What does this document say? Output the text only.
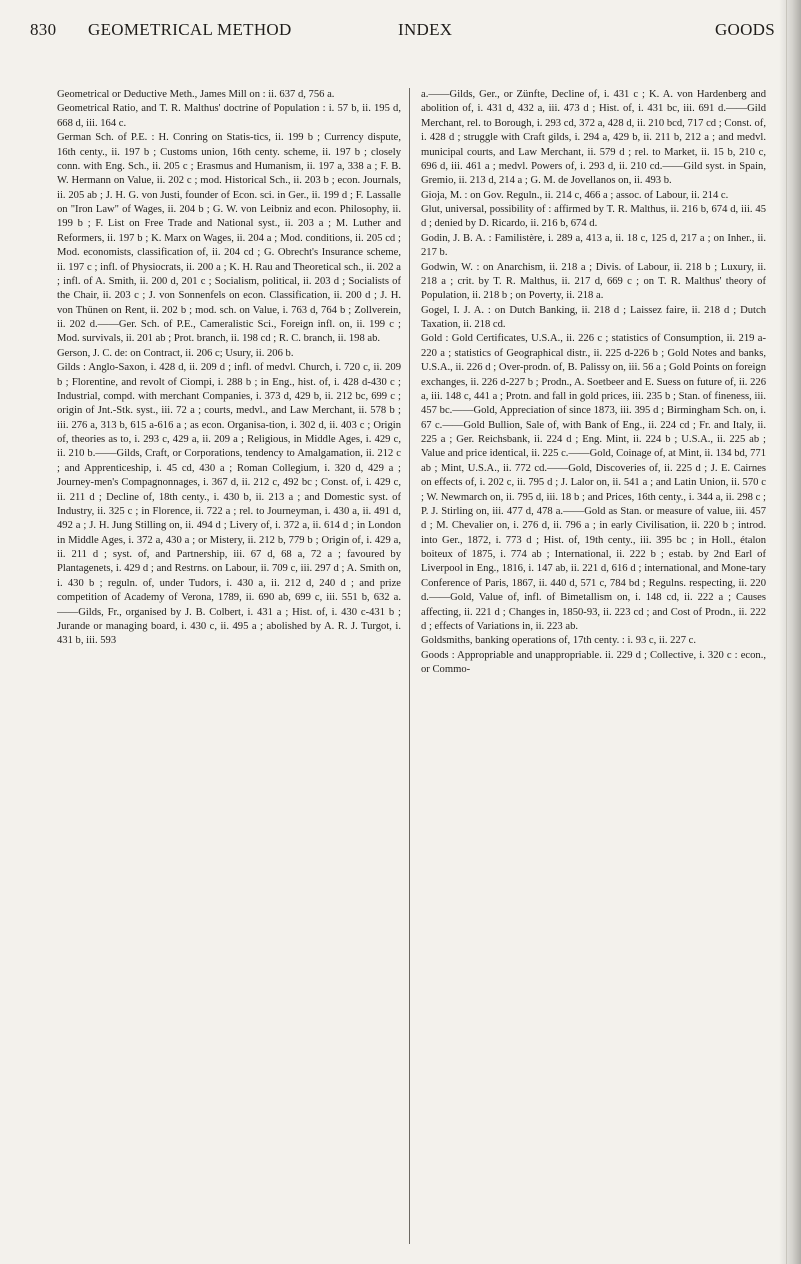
830 GEOMETRICAL METHOD	INDEX	GOODS

Geometrical or Deductive Meth., James Mill on : ii. 637 d, 756 a.

Geometrical Ratio, and T. R. Malthus' doctrine of Population : i. 57 b, ii. 195 d, 668 d, iii. 164 c.

German Sch. of P.E. : H. Conring on Statis-tics, ii. 199 b ; Currency dispute, 16th centy., ii. 197 b ; Customs union, 16th centy. scheme, ii. 197 b ; closely conn. with Eng. Sch., ii. 205 c ; Erasmus and Humanism, ii. 197 a, 338 a ; F. B. W. Hermann on Value, ii. 202 c ; mod. Historical Sch., ii. 203 b ; econ. Journals, ii. 205 ab ; J. H. G. von Justi, founder of Econ. sci. in Ger., ii. 199 d ; F. Lassalle on "Iron Law" of Wages, ii. 204 b ; G. W. von Leibniz and econ. Philosophy, ii. 199 b ; F. List on Free Trade and National syst., ii. 203 a ; M. Luther and Reformers, ii. 197 b ; K. Marx on Wages, ii. 204 a ; Mod. conditions, ii. 205 cd ; Mod. economists, classification of, ii. 204 cd ; G. Obrecht's Insurance scheme, ii. 197 c ; infl. of Physiocrats, ii. 200 a ; K. H. Rau and Theoretical sch., ii. 202 a ; infl. of A. Smith, ii. 200 d, 201 c ; Socialism, political, ii. 203 d ; Socialists of the Chair, ii. 203 c ; J. von Sonnenfels on econ. Classification, ii. 200 d ; J. H. von Thünen on Rent, ii. 202 b ; mod. sch. on Value, i. 763 d, 764 b ; Zollverein, ii. 202 d.——Ger. Sch. of P.E., Cameralistic Sci., Foreign infl. on, ii. 199 c ; Mod. survivals, ii. 201 ab ; Prot. branch, ii. 198 cd ; R. C. branch, ii. 198 ab.

Gerson, J. C. de: on Contract, ii. 206 c; Usury, ii. 206 b.

Gilds : Anglo-Saxon, i. 428 d, ii. 209 d ; infl. of medvl. Church, i. 720 c, ii. 209 b ; Florentine, and revolt of Ciompi, i. 288 b ; in Eng., hist. of, i. 428 d-430 c ; Industrial, compd. with merchant Companies, i. 373 d, 429 b, ii. 212 bc, 699 c ; origin of Jnt.-Stk. syst., iii. 72 a ; courts, medvl., and Law Merchant, ii. 578 b ; iii. 276 a, 313 b, 615 a-616 a ; as econ. Organisa-tion, i. 302 d, ii. 403 c ; Origin of, theories as to, i. 293 c, 429 a, ii. 209 a ; Religious, in Middle Ages, i. 429 c, ii. 210 b.——Gilds, Craft, or Corporations, tendency to Amalgamation, ii. 212 c ; and Apprenticeship, i. 45 cd, 430 a ; Roman Collegium, i. 320 d, 429 a ; Journey-men's Compagnonnages, i. 367 d, ii. 212 c, 492 bc ; Const. of, i. 429 c, ii. 211 d ; Decline of, 18th centy., i. 430 b, ii. 213 a ; and Domestic syst. of Industry, ii. 325 c ; in Florence, ii. 722 a ; rel. to Journeyman, i. 430 a, ii. 491 d, 492 a ; J. H. Jung Stilling on, ii. 494 d ; Livery of, i. 372 a, ii. 614 d ; in London in Middle Ages, i. 372 a, 430 a ; or Mistery, ii. 212 b, 779 b ; Origin of, i. 429 a, ii. 211 d ; syst. of, and Partnership, iii. 67 d, 68 a, 72 a ; favoured by Plantagenets, i. 429 d ; and Restrns. on Labour, ii. 709 c, iii. 297 d ; A. Smith on, i. 430 b ; reguln. of, under Tudors, i. 430 a, ii. 212 d, 240 d ; and prize competition of Academy of Verona, 1789, ii. 690 ab, 699 c, iii. 551 b, 632 a.——Gilds, Fr., organised by J. B. Colbert, i. 431 a ; Hist. of, i. 430 c-431 b ; Jurande or managing board, i. 430 c, ii. 495 a ; abolished by A. R. J. Turgot, i. 431 b, iii. 593

a.——Gilds, Ger., or Zünfte, Decline of, i. 431 c ; K. A. von Hardenberg and abolition of, i. 431 d, 432 a, iii. 473 d ; Hist. of, i. 431 bc, iii. 691 d.——Gild Merchant, rel. to Borough, i. 293 cd, 372 a, 428 d, ii. 210 bcd, 717 cd ; Const. of, i. 428 d ; struggle with Craft gilds, i. 294 a, 429 b, ii. 211 b, 212 a ; and medvl. municipal courts, and Law Merchant, ii. 579 d ; rel. to Market, ii. 15 b, 210 c, 696 d, iii. 461 a ; medvl. Powers of, i. 293 d, ii. 210 cd.——Gild syst. in Spain, Gremio, ii. 213 d, 214 a ; G. M. de Jovellanos on, ii. 493 b.

Gioja, M. : on Gov. Reguln., ii. 214 c, 466 a ; assoc. of Labour, ii. 214 c.

Glut, universal, possibility of : affirmed by T. R. Malthus, ii. 216 b, 674 d, iii. 45 d ; denied by D. Ricardo, ii. 216 b, 674 d.

Godin, J. B. A. : Familistère, i. 289 a, 413 a, ii. 18 c, 125 d, 217 a ; on Inher., ii. 217 b.

Godwin, W. : on Anarchism, ii. 218 a ; Divis. of Labour, ii. 218 b ; Luxury, ii. 218 a ; crit. by T. R. Malthus, ii. 217 d, 669 c ; on T. R. Malthus' theory of Population, ii. 218 b ; on Poverty, ii. 218 a.

Gogel, I. J. A. : on Dutch Banking, ii. 218 d ; Laissez faire, ii. 218 d ; Dutch Taxation, ii. 218 cd.

Gold : Gold Certificates, U.S.A., ii. 226 c ; statistics of Consumption, ii. 219 a-220 a ; statistics of Geographical distr., ii. 225 d-226 b ; Gold Notes and banks, U.S.A., ii. 226 d ; Over-prodn. of, B. Palissy on, iii. 56 a ; Gold Points on foreign exchanges, ii. 226 d-227 b ; Prodn., A. Soetbeer and E. Suess on future of, ii. 226 a, iii. 148 c, 441 a ; Protn. and fall in gold prices, iii. 235 b ; Stan. of fineness, iii. 457 bc.——Gold, Appreciation of since 1873, iii. 395 d ; Birmingham Sch. on, i. 67 c.——Gold Bullion, Sale of, with Bank of Eng., ii. 224 cd ; Fr. and Italy, ii. 225 a ; Ger. Reichsbank, ii. 224 d ; Eng. Mint, ii. 224 b ; U.S.A., ii. 225 ab ; Value and price identical, ii. 225 c.——Gold, Coinage of, at Mint, ii. 134 bd, 771 ab ; Mint, U.S.A., ii. 772 cd.——Gold, Discoveries of, ii. 225 d ; J. E. Cairnes on effects of, i. 202 c, ii. 795 d ; J. Lalor on, ii. 541 a ; and Latin Union, ii. 570 c ; W. Newmarch on, ii. 795 d, iii. 18 b ; and Prices, 16th centy., i. 344 a, ii. 298 c ; P. J. Stirling on, iii. 477 d, 478 a.——Gold as Stan. or measure of value, iii. 457 d ; M. Chevalier on, i. 276 d, ii. 796 a ; in early Civilisation, ii. 220 b ; introd. into Ger., 1872, i. 773 d ; Hist. of, 19th centy., iii. 395 bc ; in Holl., étalon boiteux of 1875, i. 774 ab ; International, ii. 222 b ; estab. by 2nd Earl of Liverpool in Eng., 1816, i. 147 ab, ii. 221 d, 616 d ; international, and Mone-tary Conference of Paris, 1867, ii. 440 d, 571 c, 784 bd ; Regulns. respecting, ii. 220 d.——Gold, Value of, infl. of Bimetallism on, i. 148 cd, ii. 222 a ; Causes affecting, ii. 221 d ; Changes in, 1850-93, ii. 223 cd ; and Cost of Prodn., ii. 222 d ; effects of Variations in, ii. 223 ab.

Goldsmiths, banking operations of, 17th centy. : i. 93 c, ii. 227 c.

Goods : Appropriable and unappropriable. ii. 229 d ; Collective, i. 320 c : econ., or Commo-
